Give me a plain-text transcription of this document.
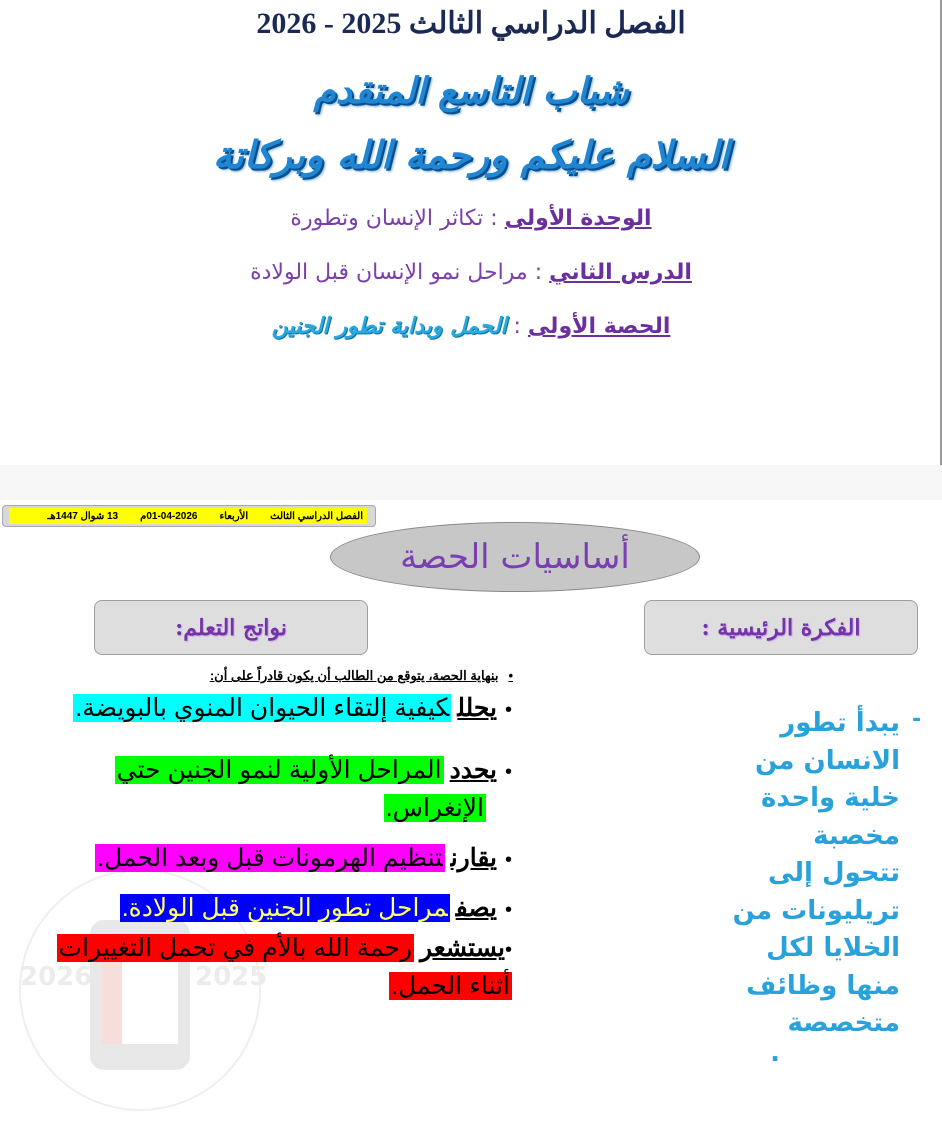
الفصل الدراسي الثالث 2025 - 2026
شباب التاسع المتقدم
السلام عليكم ورحمة الله وبركاتة
الوحدة الأولى : تكاثر الإنسان وتطورة
الدرس الثاني : مراحل نمو الإنسان قبل الولادة
الحصة الأولى : الحمل وبداية تطور الجنين
2026	2025
الفصل الدراسي الثالث
الأربعاء
01-04-2026م
13 شوال 1447هـ
أساسيات الحصة
نواتج التعلم:	الفكرة الرئيسية :
•بنهاية الحصة، يتوقع من الطالب أن يكون قادراً على أن:
•يحللكيفية إلتقاء الحيوان المنوي بالبويضة.
•يحددالمراحل الأولية لنمو الجنين حتي
الإنغراس.
•يقارنتنظيم الهرمونات قبل وبعد الحمل.
•يصفمراحل تطور الجنين قبل الولادة.
•يستشعررحمة الله بالأم في تحمل التغييرات
أثناء الحمل.
-
يبدأ تطور
الانسان من
خلية واحدة
مخصبة
تتحول إلى
تريليونات من
الخلايا لكل
منها وظائف
متخصصة
.
